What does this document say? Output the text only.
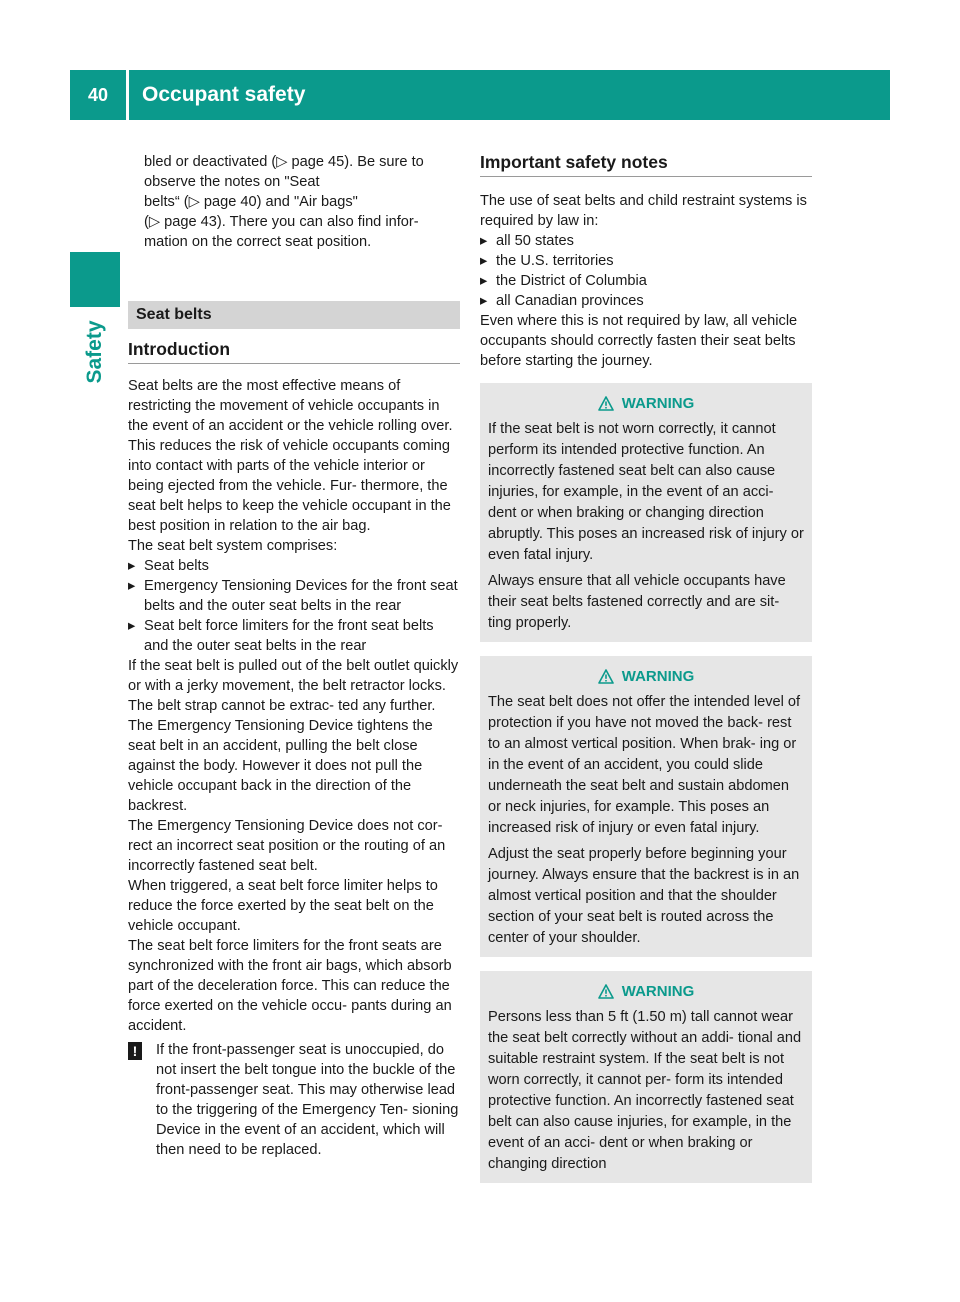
40	Occupant safety
Safety

bled or deactivated (▷ page 45). Be sure to

observe the notes on "Seat

belts“ (▷ page 40) and "Air bags"

(▷ page 43). There you can also find infor-

mation on the correct seat position.

Seat belts
Introduction

Seat belts are the most effective means of restricting the movement of vehicle occupants in the event of an accident or the vehicle rolling over. This reduces the risk of vehicle occupants coming into contact with parts of the vehicle interior or being ejected from the vehicle. Fur- thermore, the seat belt helps to keep the vehicle occupant in the best position in relation to the air bag.

The seat belt system comprises:

▸ Seat belts
▸ Emergency Tensioning Devices for the front seat belts and the outer seat belts in the rear
▸ Seat belt force limiters for the front seat belts and the outer seat belts in the rear

If the seat belt is pulled out of the belt outlet quickly or with a jerky movement, the belt retractor locks. The belt strap cannot be extrac- ted any further.

The Emergency Tensioning Device tightens the seat belt in an accident, pulling the belt close against the body. However it does not pull the vehicle occupant back in the direction of the backrest.

The Emergency Tensioning Device does not cor- rect an incorrect seat position or the routing of an incorrectly fastened seat belt.

When triggered, a seat belt force limiter helps to reduce the force exerted by the seat belt on the vehicle occupant.

The seat belt force limiters for the front seats are synchronized with the front air bags, which absorb part of the deceleration force. This can reduce the force exerted on the vehicle occu- pants during an accident.

!	If the front-passenger seat is unoccupied, do not insert the belt tongue into the buckle of the front-passenger seat. This may otherwise lead to the triggering of the Emergency Ten- sioning Device in the event of an accident, which will then need to be replaced.

Important safety notes

The use of seat belts and child restraint systems is required by law in:

▸ all 50 states
▸ the U.S. territories
▸ the District of Columbia
▸ all Canadian provinces

Even where this is not required by law, all vehicle occupants should correctly fasten their seat belts before starting the journey.

WARNING

If the seat belt is not worn correctly, it cannot perform its intended protective function. An incorrectly fastened seat belt can also cause injuries, for example, in the event of an acci- dent or when braking or changing direction abruptly. This poses an increased risk of injury or even fatal injury.

Always ensure that all vehicle occupants have their seat belts fastened correctly and are sit- ting properly.

WARNING

The seat belt does not offer the intended level of protection if you have not moved the back- rest to an almost vertical position. When brak- ing or in the event of an accident, you could slide underneath the seat belt and sustain abdomen or neck injuries, for example. This poses an increased risk of injury or even fatal injury.

Adjust the seat properly before beginning your journey. Always ensure that the backrest is in an almost vertical position and that the shoulder section of your seat belt is routed across the center of your shoulder.

WARNING

Persons less than 5 ft (1.50 m) tall cannot wear the seat belt correctly without an addi- tional and suitable restraint system. If the seat belt is not worn correctly, it cannot per- form its intended protective function. An incorrectly fastened seat belt can also cause injuries, for example, in the event of an acci- dent or when braking or changing direction
